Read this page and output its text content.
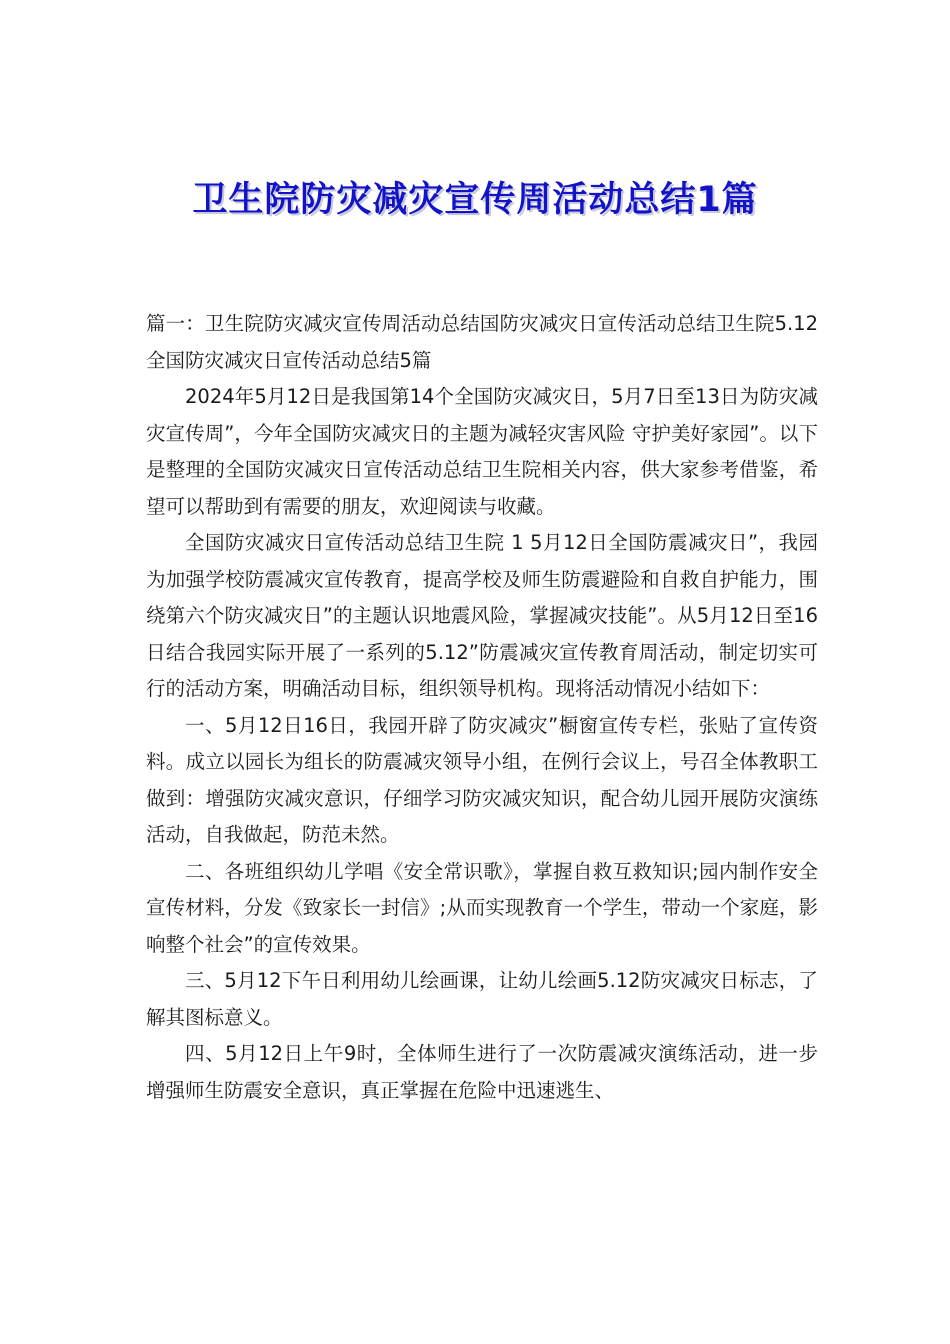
卫生院防灾减灾宣传周活动总结1篇

篇一：卫生院防灾减灾宣传周活动总结国防灾减灾日宣传活动总结卫生院5.12全国防灾减灾日宣传活动总结5篇

2024年5月12日是我国第14个全国防灾减灾日，5月7日至13日为防灾减灾宣传周”，今年全国防灾减灾日的主题为减轻灾害风险 守护美好家园”。以下是整理的全国防灾减灾日宣传活动总结卫生院相关内容，供大家参考借鉴，希望可以帮助到有需要的朋友，欢迎阅读与收藏。

全国防灾减灾日宣传活动总结卫生院 1 5月12日全国防震减灾日”，我园为加强学校防震减灾宣传教育，提高学校及师生防震避险和自救自护能力，围绕第六个防灾减灾日”的主题认识地震风险，掌握减灾技能”。从5月12日至16日结合我园实际开展了一系列的5.12”防震减灾宣传教育周活动，制定切实可行的活动方案，明确活动目标，组织领导机构。现将活动情况小结如下：

一、5月12日16日，我园开辟了防灾减灾”橱窗宣传专栏，张贴了宣传资料。成立以园长为组长的防震减灾领导小组，在例行会议上，号召全体教职工做到：增强防灾减灾意识，仔细学习防灾减灾知识，配合幼儿园开展防灾演练活动，自我做起，防范未然。

二、各班组织幼儿学唱《安全常识歌》，掌握自救互救知识;园内制作安全宣传材料，分发《致家长一封信》;从而实现教育一个学生，带动一个家庭，影响整个社会”的宣传效果。

三、5月12下午日利用幼儿绘画课，让幼儿绘画5.12防灾减灾日标志，了解其图标意义。

四、5月12日上午9时，全体师生进行了一次防震减灾演练活动，进一步增强师生防震安全意识，真正掌握在危险中迅速逃生、
